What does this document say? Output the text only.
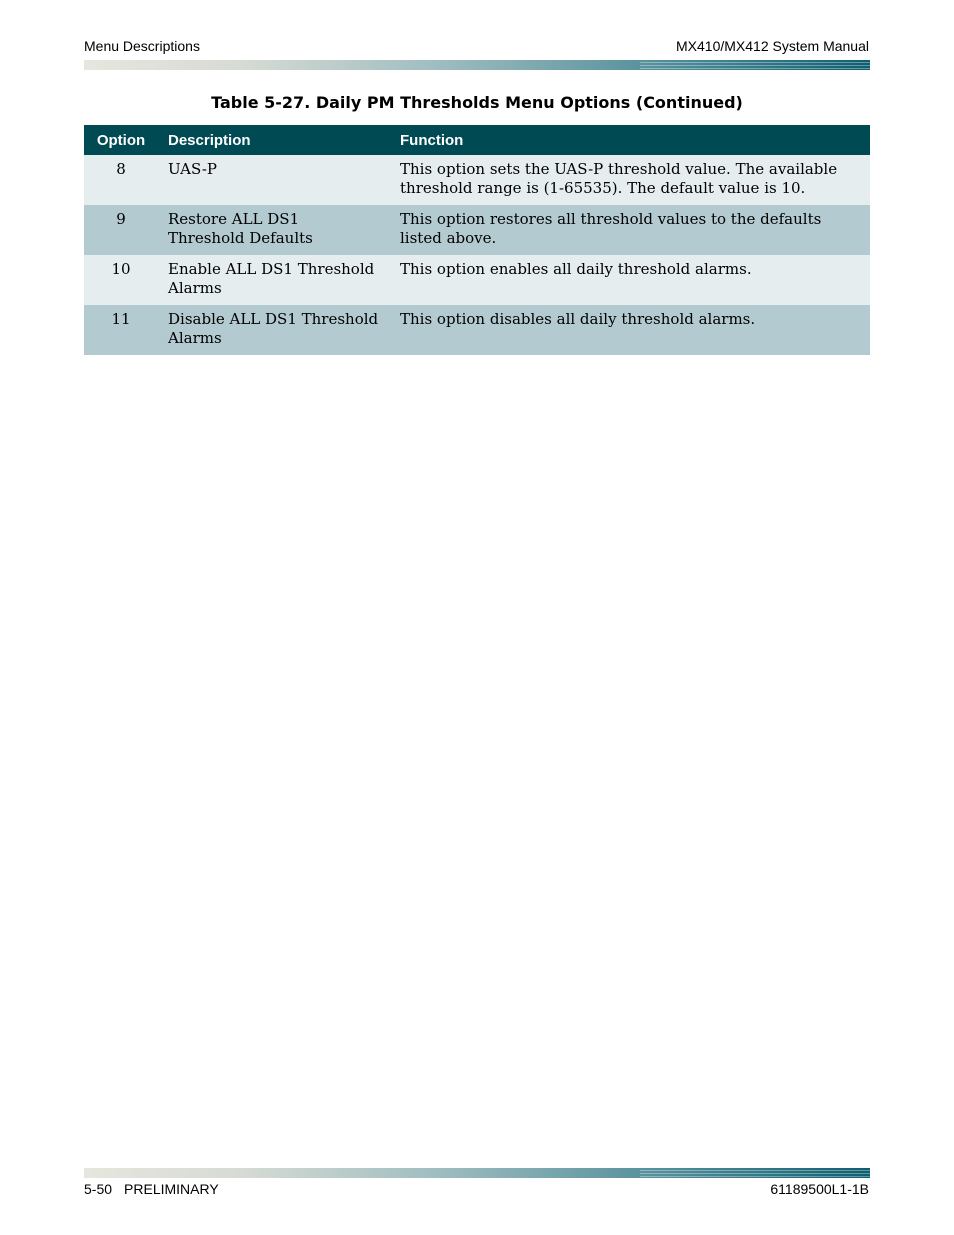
Menu Descriptions	MX410/MX412 System Manual
Table 5-27. Daily PM Thresholds Menu Options (Continued)
Option	Description	Function
8	UAS-P	This option sets the UAS-P threshold value. The available threshold range is (1-65535). The default value is 10.
9	Restore ALL DS1 Threshold Defaults	This option restores all threshold values to the defaults listed above.
10	Enable ALL DS1 Threshold Alarms	This option enables all daily threshold alarms.
11	Disable ALL DS1 Threshold Alarms	This option disables all daily threshold alarms.
5-50 PRELIMINARY	61189500L1-1B
